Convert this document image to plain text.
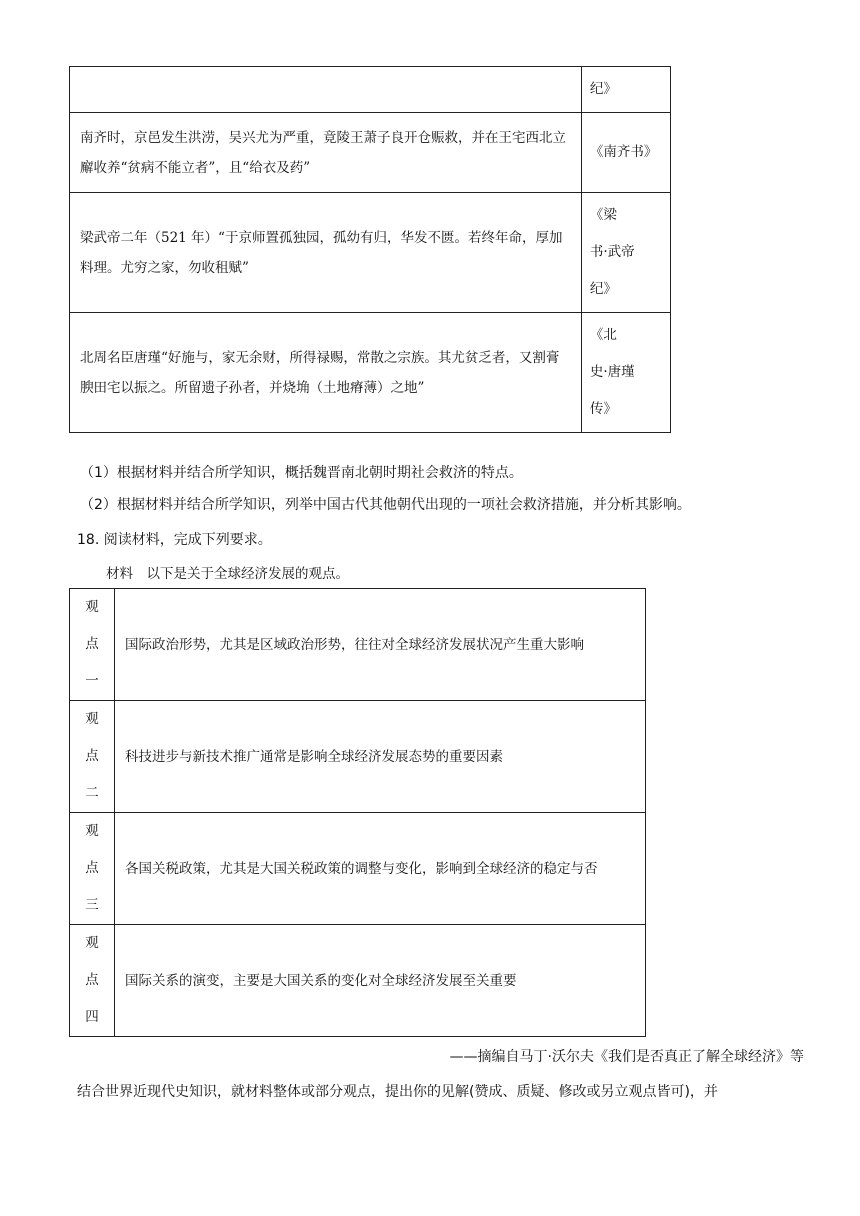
	纪》

南齐时，京邑发生洪涝，吴兴尤为严重，竟陵王萧子良开仓赈救，并在王宅西北立廨收养“贫病不能立者”，且“给衣及药”	《南齐书》

梁武帝二年（521 年）“于京师置孤独园，孤幼有归，华发不匮。若终年命，厚加料理。尤穷之家，勿收租赋”	《梁
书·武帝
纪》

北周名臣唐瑾“好施与，家无余财，所得禄赐，常散之宗族。其尤贫乏者，又割膏腴田宅以振之。所留遗子孙者，并烧埆（土地瘠薄）之地”	《北
史·唐瑾
传》
（1）根据材料并结合所学知识，概括魏晋南北朝时期社会救济的特点。
（2）根据材料并结合所学知识，列举中国古代其他朝代出现的一项社会救济措施，并分析其影响。
18. 阅读材料，完成下列要求。
材料　以下是关于全球经济发展的观点。
观
点
一	国际政治形势，尤其是区域政治形势，往往对全球经济发展状况产生重大影响

观
点
二	科技进步与新技术推广通常是影响全球经济发展态势的重要因素

观
点
三	各国关税政策，尤其是大国关税政策的调整与变化，影响到全球经济的稳定与否

观
点
四	国际关系的演变，主要是大国关系的变化对全球经济发展至关重要
——摘编自马丁·沃尔夫《我们是否真正了解全球经济》等
结合世界近现代史知识，就材料整体或部分观点，提出你的见解(赞成、质疑、修改或另立观点皆可)，并
